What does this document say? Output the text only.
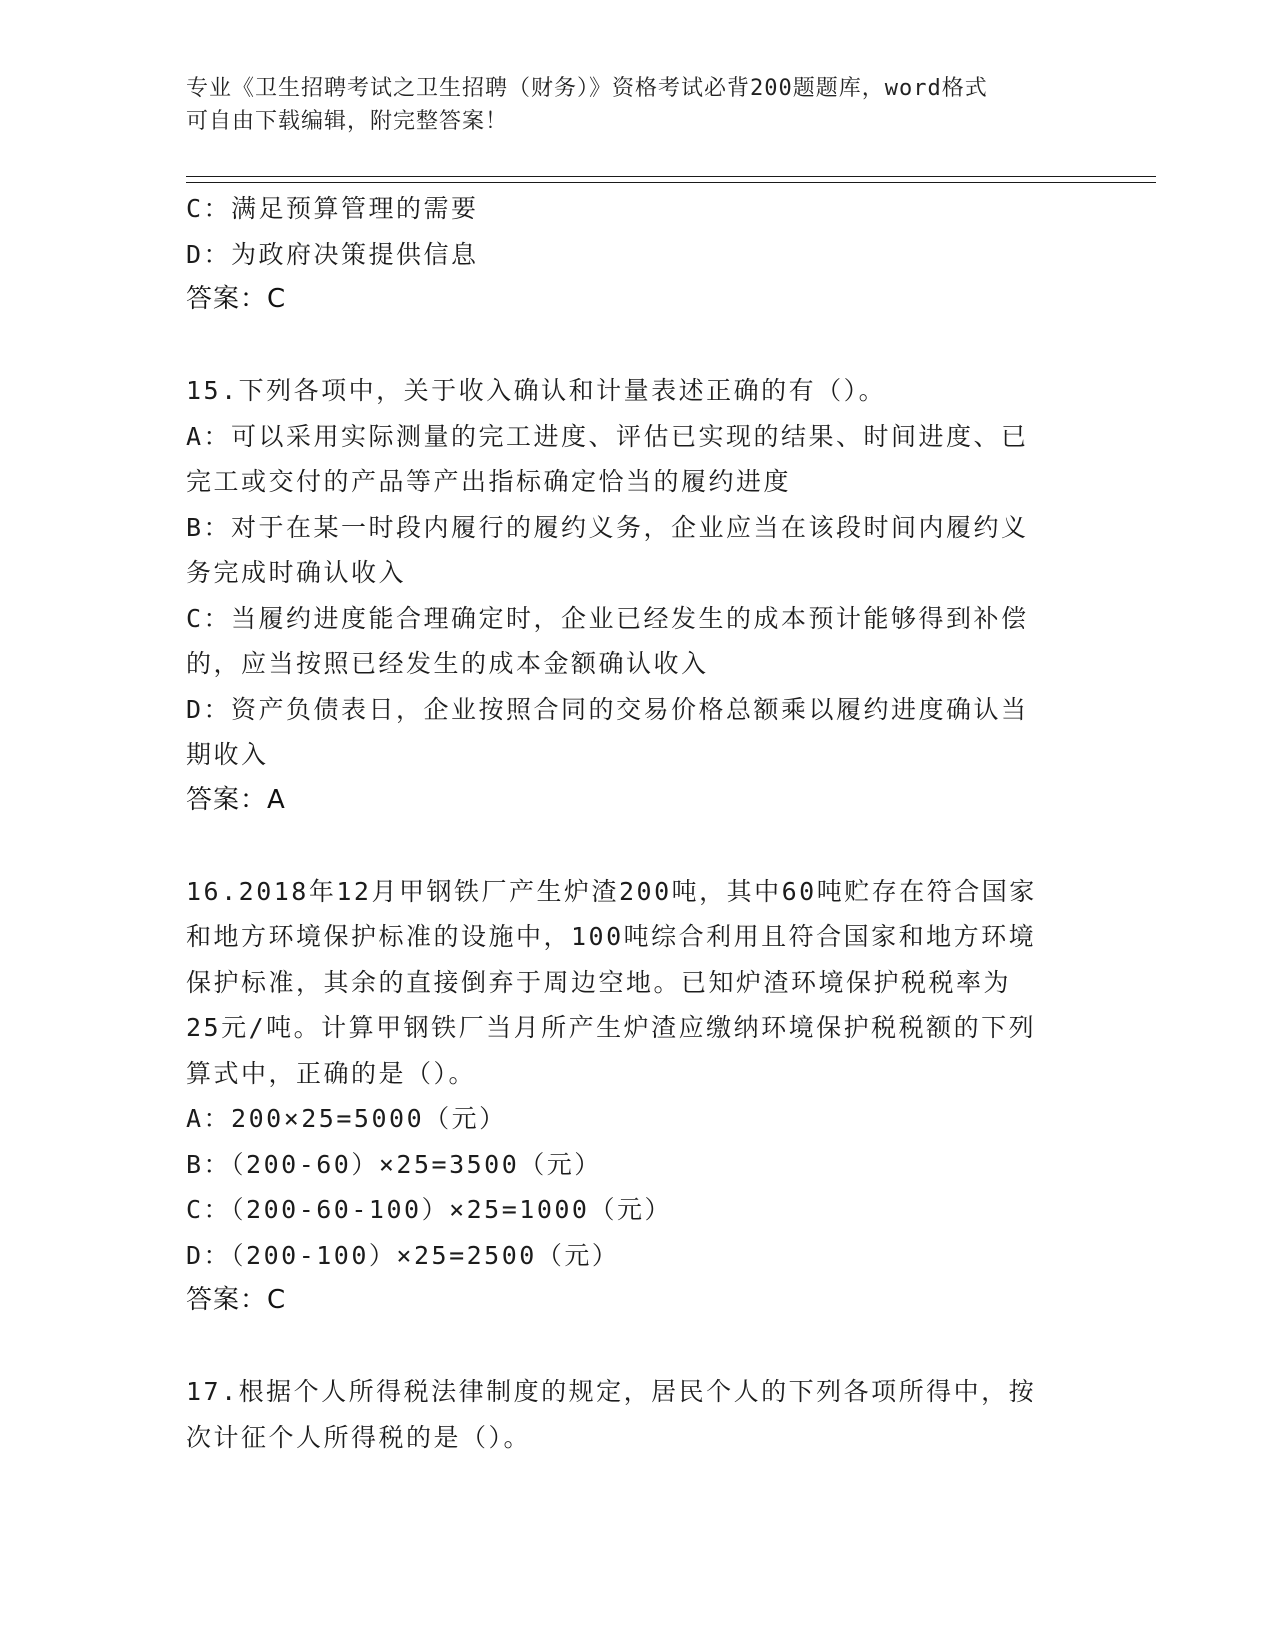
专业《卫生招聘考试之卫生招聘（财务）》资格考试必背200题题库，word格式
可自由下载编辑，附完整答案！
C：满足预算管理的需要
D：为政府决策提供信息
答案：C
15.下列各项中，关于收入确认和计量表述正确的有（）。
A：可以采用实际测量的完工进度、评估已实现的结果、时间进度、已
完工或交付的产品等产出指标确定恰当的履约进度
B：对于在某一时段内履行的履约义务，企业应当在该段时间内履约义
务完成时确认收入
C：当履约进度能合理确定时，企业已经发生的成本预计能够得到补偿
的，应当按照已经发生的成本金额确认收入
D：资产负债表日，企业按照合同的交易价格总额乘以履约进度确认当
期收入
答案：A
16.2018年12月甲钢铁厂产生炉渣200吨，其中60吨贮存在符合国家
和地方环境保护标准的设施中，100吨综合利用且符合国家和地方环境
保护标准，其余的直接倒弃于周边空地。已知炉渣环境保护税税率为
25元/吨。计算甲钢铁厂当月所产生炉渣应缴纳环境保护税税额的下列
算式中，正确的是（）。
A：200×25=5000（元）
B：（200-60）×25=3500（元）
C：（200-60-100）×25=1000（元）
D：（200-100）×25=2500（元）
答案：C
17.根据个人所得税法律制度的规定，居民个人的下列各项所得中，按
次计征个人所得税的是（）。
